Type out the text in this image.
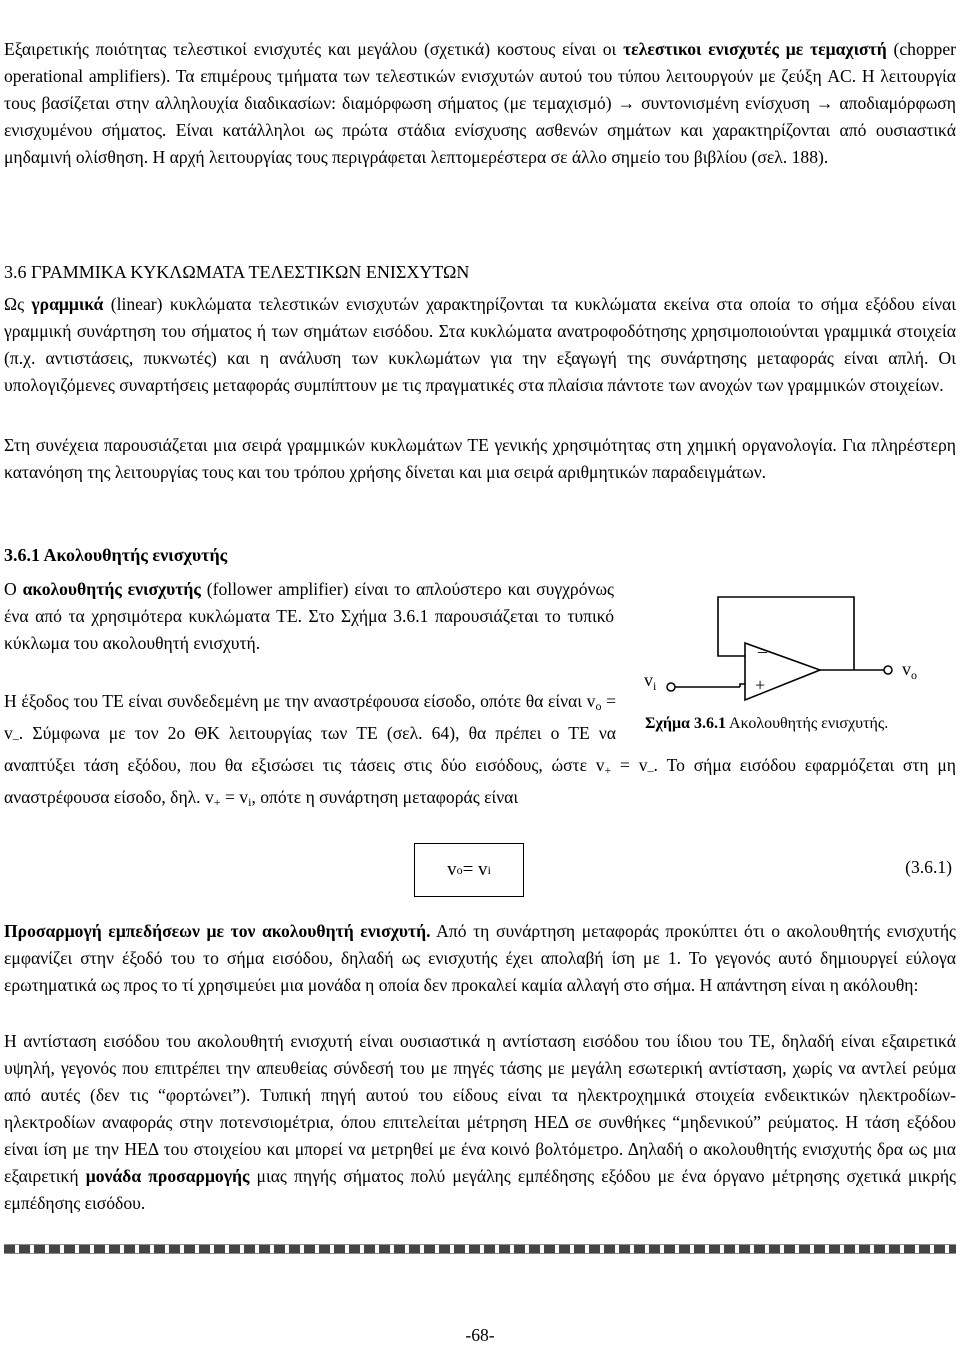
Εξαιρετικής ποιότητας τελεστικοί ενισχυτές και μεγάλου (σχετικά) κοστους είναι οι τελεστικοι ενισχυτές με τεμαχιστή (chopper operational amplifiers). Τα επιμέρους τμήματα των τελεστικών ενισχυτών αυτού του τύπου λειτουργούν με ζεύξη AC. Η λειτουργία τους βασίζεται στην αλληλουχία διαδικασίων: διαμόρφωση σήματος (με τεμαχισμό) → συντονισμένη ενίσχυση → αποδιαμόρφωση ενισχυμένου σήματος. Είναι κατάλληλοι ως πρώτα στάδια ενίσχυσης ασθενών σημάτων και χαρακτηρίζονται από ουσιαστικά μηδαμινή ολίσθηση. Η αρχή λειτουργίας τους περιγράφεται λεπτομερέστερα σε άλλο σημείο του βιβλίου (σελ. 188).

3.6 ΓΡΑΜΜΙΚΑ ΚΥΚΛΩΜΑΤΑ ΤΕΛΕΣΤΙΚΩΝ ΕΝΙΣΧΥΤΩΝ

Ως γραμμικά (linear) κυκλώματα τελεστικών ενισχυτών χαρακτηρίζονται τα κυκλώματα εκείνα στα οποία το σήμα εξόδου είναι γραμμική συνάρτηση του σήματος ή των σημάτων εισόδου. Στα κυκλώματα ανατροφοδότησης χρησιμοποιούνται γραμμικά στοιχεία (π.χ. αντιστάσεις, πυκνωτές) και η ανάλυση των κυκλωμάτων για την εξαγωγή της συνάρτησης μεταφοράς είναι απλή. Οι υπολογιζόμενες συναρτήσεις μεταφοράς συμπίπτουν με τις πραγματικές στα πλαίσια πάντοτε των ανοχών των γραμμικών στοιχείων.

Στη συνέχεια παρουσιάζεται μια σειρά γραμμικών κυκλωμάτων ΤΕ γενικής χρησιμότητας στη χημική οργανολογία. Για πληρέστερη κατανόηση της λειτουργίας τους και του τρόπου χρήσης δίνεται και μια σειρά αριθμητικών παραδειγμάτων.

3.6.1 Ακολουθητής ενισχυτής

Ο ακολουθητής ενισχυτής (follower amplifier) είναι το απλούστερο και συγχρόνως ένα από τα χρησιμότερα κυκλώματα ΤΕ. Στο Σχήμα 3.6.1 παρουσιάζεται το τυπικό κύκλωμα του ακολουθητή ενισχυτή.

Η έξοδος του ΤΕ είναι συνδεδεμένη με την αναστρέφουσα είσοδο, οπότε θα είναι $v_o = v_-$. Σύμφωνα με τον 2ο ΘΚ λειτουργίας των ΤΕ (σελ. 64), θα πρέπει ο ΤΕ να αναπτύξει τάση εξόδου, που θα εξισώσει τις τάσεις στις δύο εισόδους, ώστε $v_+ = v_-$. Το σήμα εισόδου εφαρμόζεται στη μη αναστρέφουσα είσοδο, δηλ. $v_+ = v_i$, οπότε η συνάρτηση μεταφοράς είναι

–
+
$v_i$
$v_o$
Σχήμα 3.6.1 Ακολουθητής ενισχυτής.
v o = v i	(3.6.1)

Προσαρμογή εμπεδήσεων με τον ακολουθητή ενισχυτή. Από τη συνάρτηση μεταφοράς προκύπτει ότι ο ακολουθητής ενισχυτής εμφανίζει στην έξοδό του το σήμα εισόδου, δηλαδή ως ενισχυτής έχει απολαβή ίση με 1. Το γεγονός αυτό δημιουργεί εύλογα ερωτηματικά ως προς το τί χρησιμεύει μια μονάδα η οποία δεν προκαλεί καμία αλλαγή στο σήμα. Η απάντηση είναι η ακόλουθη:

Η αντίσταση εισόδου του ακολουθητή ενισχυτή είναι ουσιαστικά η αντίσταση εισόδου του ίδιου του ΤΕ, δηλαδή είναι εξαιρετικά υψηλή, γεγονός που επιτρέπει την απευθείας σύνδεσή του με πηγές τάσης με μεγάλη εσωτερική αντίσταση, χωρίς να αντλεί ρεύμα από αυτές (δεν τις “φορτώνει”). Τυπική πηγή αυτού του είδους είναι τα ηλεκτροχημικά στοιχεία ενδεικτικών ηλεκτροδίων-ηλεκτροδίων αναφοράς στην ποτενσιομέτρια, όπου επιτελείται μέτρηση ΗΕΔ σε συνθήκες “μηδενικού” ρεύματος. Η τάση εξόδου είναι ίση με την ΗΕΔ του στοιχείου και μπορεί να μετρηθεί με ένα κοινό βολτόμετρο. Δηλαδή ο ακολουθητής ενισχυτής δρα ως μια εξαιρετική μονάδα προσαρμογής μιας πηγής σήματος πολύ μεγάλης εμπέδησης εξόδου με ένα όργανο μέτρησης σχετικά μικρής εμπέδησης εισόδου.

-68-
